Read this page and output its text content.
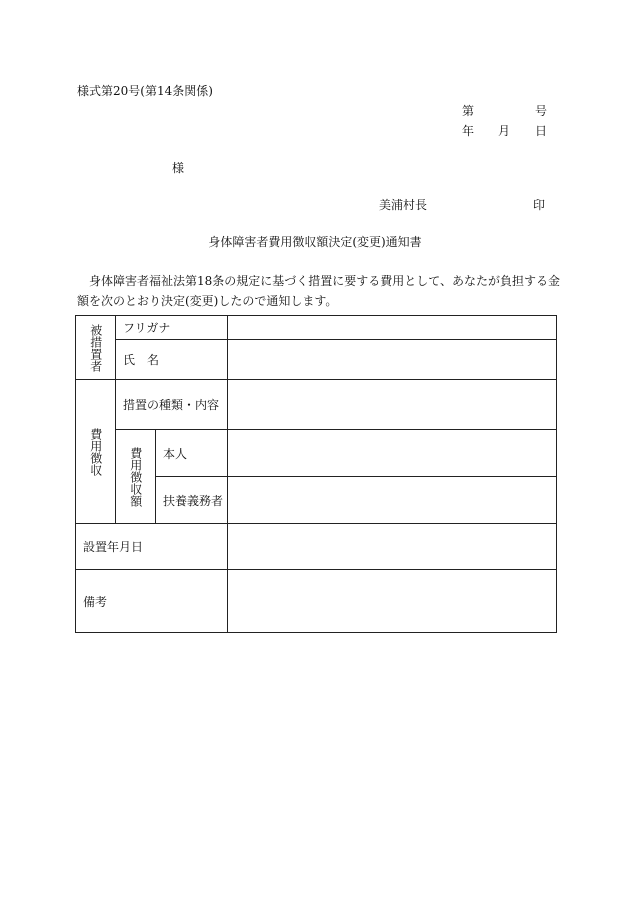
様式第20号(第14条関係)
第	号
年 月 日
様
美浦村長	印
身体障害者費用徴収額決定(変更)通知書
身体障害者福祉法第18条の規定に基づく措置に要する費用として、あなたが負担する金額を次のとおり決定(変更)したので通知します。
被措置者	フリガナ		
	氏　名		

費用徴収	措置の種類・内容		

	費用徴収額	本人	
		扶養義務者	
設置年月日			
備考			
